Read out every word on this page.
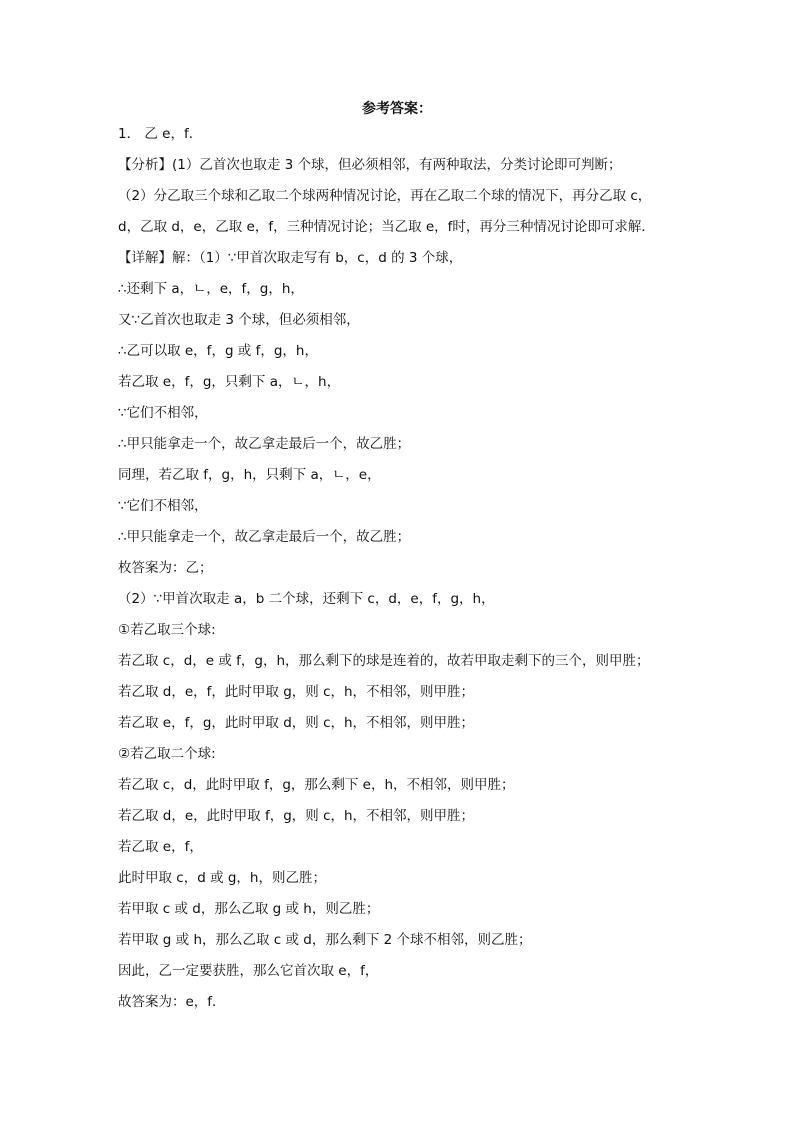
参考答案：
1． 乙 e，f．
【分析】(1）乙首次也取走 3 个球，但必须相邻，有两种取法，分类讨论即可判断；
（2）分乙取三个球和乙取二个球两种情况讨论，再在乙取二个球的情况下，再分乙取 c，
d，乙取 d，e，乙取 e，f，三种情况讨论；当乙取 e，f时，再分三种情况讨论即可求解．
【详解】解：（1）∵甲首次取走写有 b，c，d 的 3 个球，
∴还剩下 a，ㄴ，e，f，g，h，
又∵乙首次也取走 3 个球，但必须相邻，
∴乙可以取 e，f，g 或 f，g，h，
若乙取 e，f，g，只剩下 a，ㄴ，h，
∵它们不相邻，
∴甲只能拿走一个，故乙拿走最后一个，故乙胜；
同理，若乙取 f，g，h，只剩下 a，ㄴ，e，
∵它们不相邻，
∴甲只能拿走一个，故乙拿走最后一个，故乙胜；
枚答案为：乙；
（2）∵甲首次取走 a，b 二个球，还剩下 c，d，e，f，g，h，
①若乙取三个球:
若乙取 c，d，e 或 f，g，h，那么剩下的球是连着的，故若甲取走剩下的三个，则甲胜；
若乙取 d，e，f，此时甲取 g，则 c，h，不相邻，则甲胜；
若乙取 e，f，g，此时甲取 d，则 c，h，不相邻，则甲胜；
②若乙取二个球:
若乙取 c，d，此时甲取 f，g，那么剩下 e，h，不相邻，则甲胜；
若乙取 d，e，此时甲取 f，g，则 c，h，不相邻，则甲胜；
若乙取 e，f，
此时甲取 c，d 或 g，h，则乙胜；
若甲取 c 或 d，那么乙取 g 或 h，则乙胜；
若甲取 g 或 h，那么乙取 c 或 d，那么剩下 2 个球不相邻，则乙胜；
因此，乙一定要获胜，那么它首次取 e，f，
故答案为：e，f．
